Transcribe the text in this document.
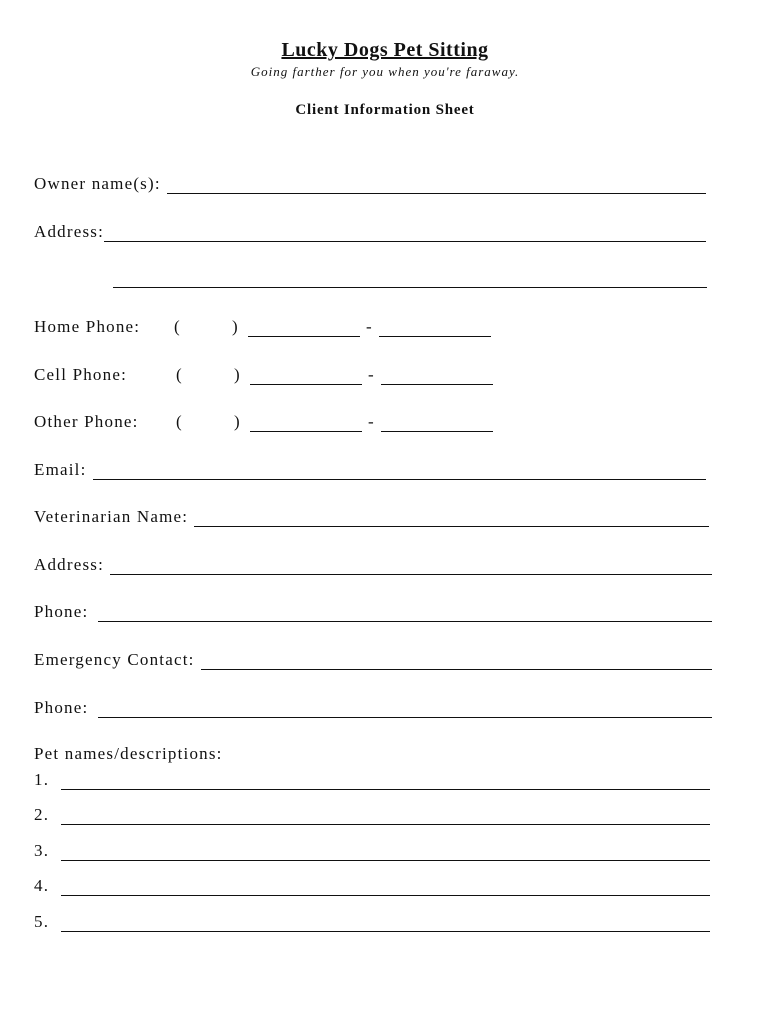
Lucky Dogs Pet Sitting
Going farther for you when you're faraway.
Client Information Sheet
Owner name(s):
Address:
Home Phone:	(	)	-
Cell Phone:	(	)	-
Other Phone:	(	)	-
Email:
Veterinarian Name:
Address:
Phone:
Emergency Contact:
Phone:
Pet names/descriptions:
1.
2.
3.
4.
5.
